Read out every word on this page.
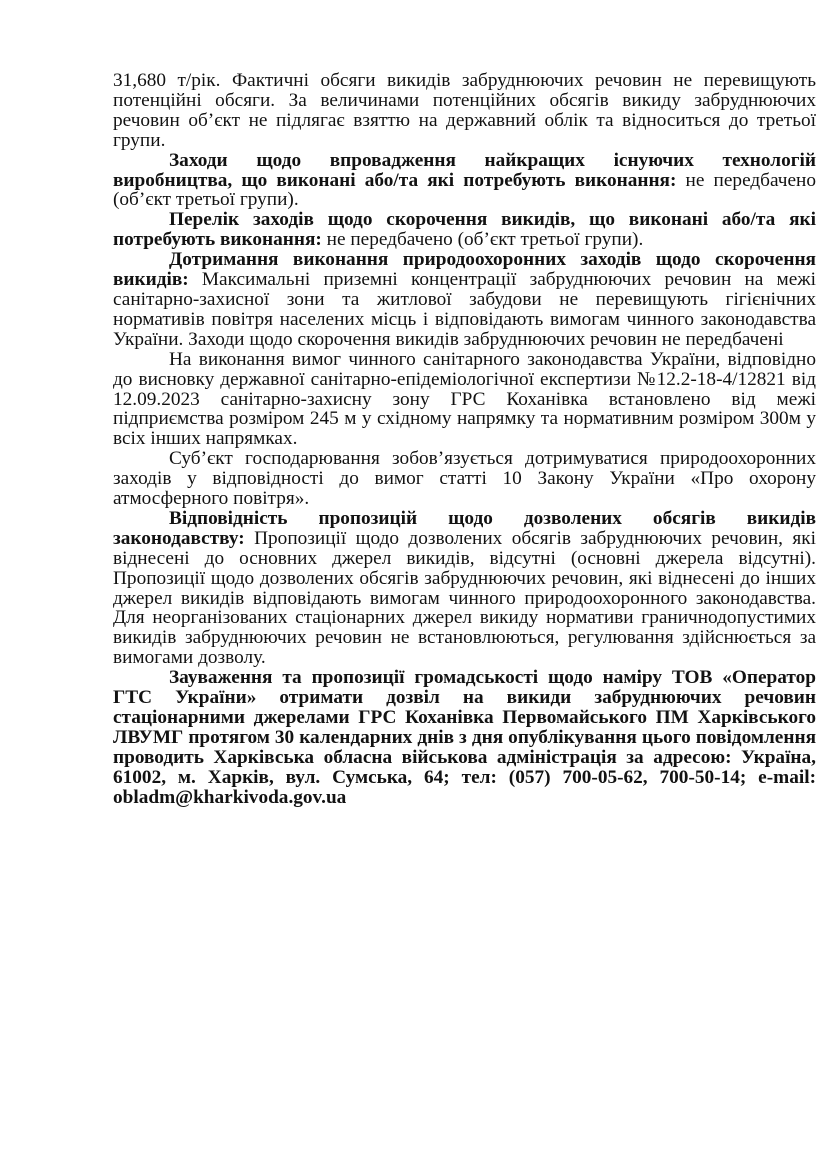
31,680 т/рік. Фактичні обсяги викидів забруднюючих речовин не перевищують потенційні обсяги. За величинами потенційних обсягів викиду забруднюючих речовин об’єкт не підлягає взяттю на державний облік та відноситься до третьої групи.

Заходи щодо впровадження найкращих існуючих технологій виробництва, що виконані або/та які потребують виконання: не передбачено (об’єкт третьої групи).

Перелік заходів щодо скорочення викидів, що виконані або/та які потребують виконання: не передбачено (об’єкт третьої групи).

Дотримання виконання природоохоронних заходів щодо скорочення викидів: Максимальні приземні концентрації забруднюючих речовин на межі санітарно-захисної зони та житлової забудови не перевищують гігієнічних нормативів повітря населених місць і відповідають вимогам чинного законодавства України. Заходи щодо скорочення викидів забруднюючих речовин не передбачені

На виконання вимог чинного санітарного законодавства України, відповідно до висновку державної санітарно-епідеміологічної експертизи №12.2-18-4/12821 від 12.09.2023 санітарно-захисну зону ГРС Коханівка встановлено від межі підприємства розміром 245 м у східному напрямку та нормативним розміром 300м у всіх інших напрямках.

Суб’єкт господарювання зобов’язується дотримуватися природоохоронних заходів у відповідності до вимог статті 10 Закону України «Про охорону атмосферного повітря».

Відповідність пропозицій щодо дозволених обсягів викидів законодавству: Пропозиції щодо дозволених обсягів забруднюючих речовин, які віднесені до основних джерел викидів, відсутні (основні джерела відсутні). Пропозиції щодо дозволених обсягів забруднюючих речовин, які віднесені до інших джерел викидів відповідають вимогам чинного природоохоронного законодавства. Для неорганізованих стаціонарних джерел викиду нормативи граничнодопустимих викидів забруднюючих речовин не встановлюються, регулювання здійснюється за вимогами дозволу.

Зауваження та пропозиції громадськості щодо наміру ТОВ «Оператор ГТС України» отримати дозвіл на викиди забруднюючих речовин стаціонарними джерелами ГРС Коханівка Первомайського ПМ Харківського ЛВУМГ протягом 30 календарних днів з дня опублікування цього повідомлення проводить Харківська обласна військова адміністрація за адресою: Україна, 61002, м. Харків, вул. Сумська, 64; тел: (057) 700-05-62, 700-50-14; e-mail: obladm@kharkivoda.gov.ua
